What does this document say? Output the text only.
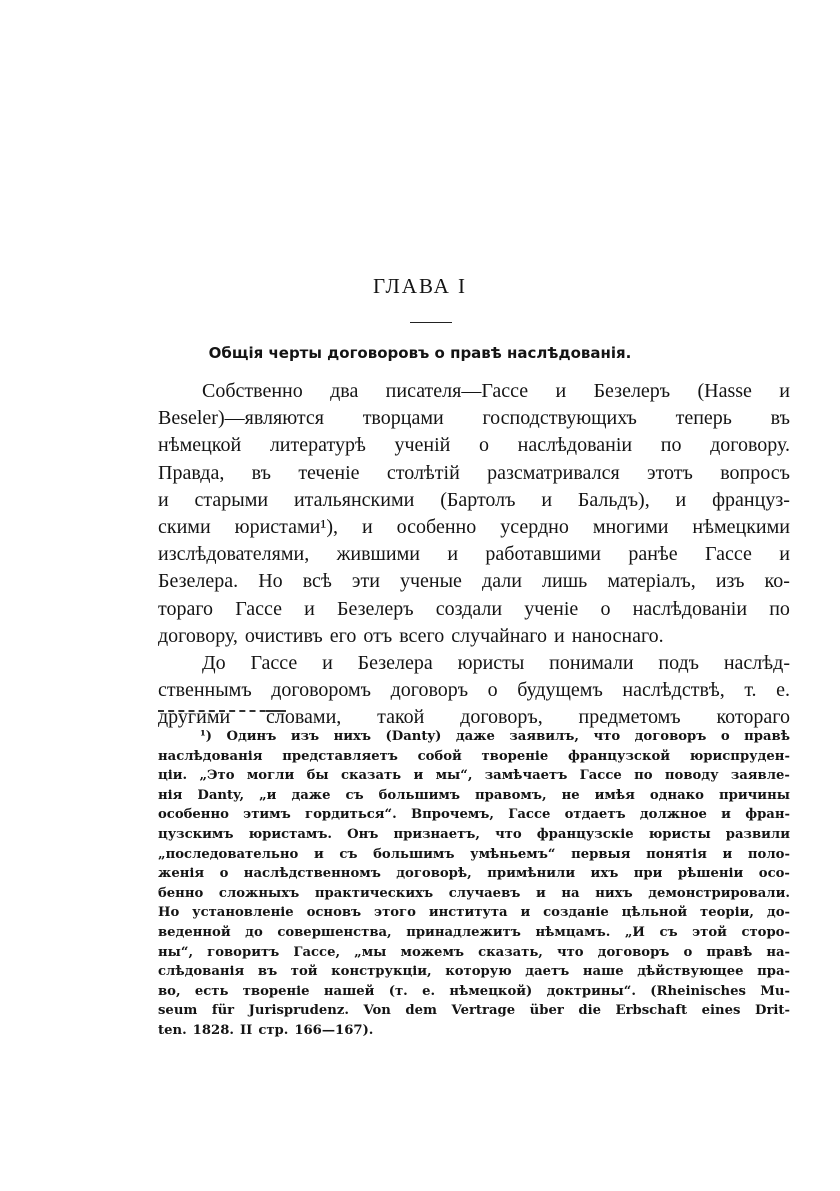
ГЛАВА I
Общія черты договоровъ о правѣ наслѣдованія.
Собственно два писателя—Гассе и Безелеръ (Hasse и
Beseler)—являются творцами господствующихъ теперь въ
нѣмецкой литературѣ ученій о наслѣдованіи по договору.
Правда, въ теченіе столѣтій разсматривался этотъ вопросъ
и старыми итальянскими (Бартолъ и Бальдъ), и француз-
скими юристами¹), и особенно усердно многими нѣмецкими
изслѣдователями, жившими и работавшими ранѣе Гассе и
Безелера. Но всѣ эти ученые дали лишь матеріалъ, изъ ко-
тораго Гассе и Безелеръ создали ученіе о наслѣдованіи по
договору, очистивъ его отъ всего случайнаго и наноснаго.
До Гассе и Безелера юристы понимали подъ наслѣд-
ственнымъ договоромъ договоръ о будущемъ наслѣдствѣ, т. е.
другими словами, такой договоръ, предметомъ котораго
¹) Одинъ изъ нихъ (Danty) даже заявилъ, что договоръ о правѣ
наслѣдованія представляетъ собой твореніе французской юриспруден-
ціи. „Это могли бы сказать и мы“, замѣчаетъ Гассе по поводу заявле-
нія Danty, „и даже съ большимъ правомъ, не имѣя однако причины
особенно этимъ гордиться“. Впрочемъ, Гассе отдаетъ должное и фран-
цузскимъ юристамъ. Онъ признаетъ, что французскіе юристы развили
„последовательно и съ большимъ умѣньемъ“ первыя понятія и поло-
женія о наслѣдственномъ договорѣ, примѣнили ихъ при рѣшеніи осо-
бенно сложныхъ практическихъ случаевъ и на нихъ демонстрировали.
Но установленіе основъ этого института и созданіе цѣльной теоріи, до-
веденной до совершенства, принадлежитъ нѣмцамъ. „И съ этой сторо-
ны“, говоритъ Гассе, „мы можемъ сказать, что договоръ о правѣ на-
слѣдованія въ той конструкціи, которую даетъ наше дѣйствующее пра-
во, есть твореніе нашей (т. е. нѣмецкой) доктрины“. (Rheinisches Mu-
seum für Jurisprudenz. Von dem Vertrage über die Erbschaft eines Drit-
ten. 1828. II стр. 166—167).
